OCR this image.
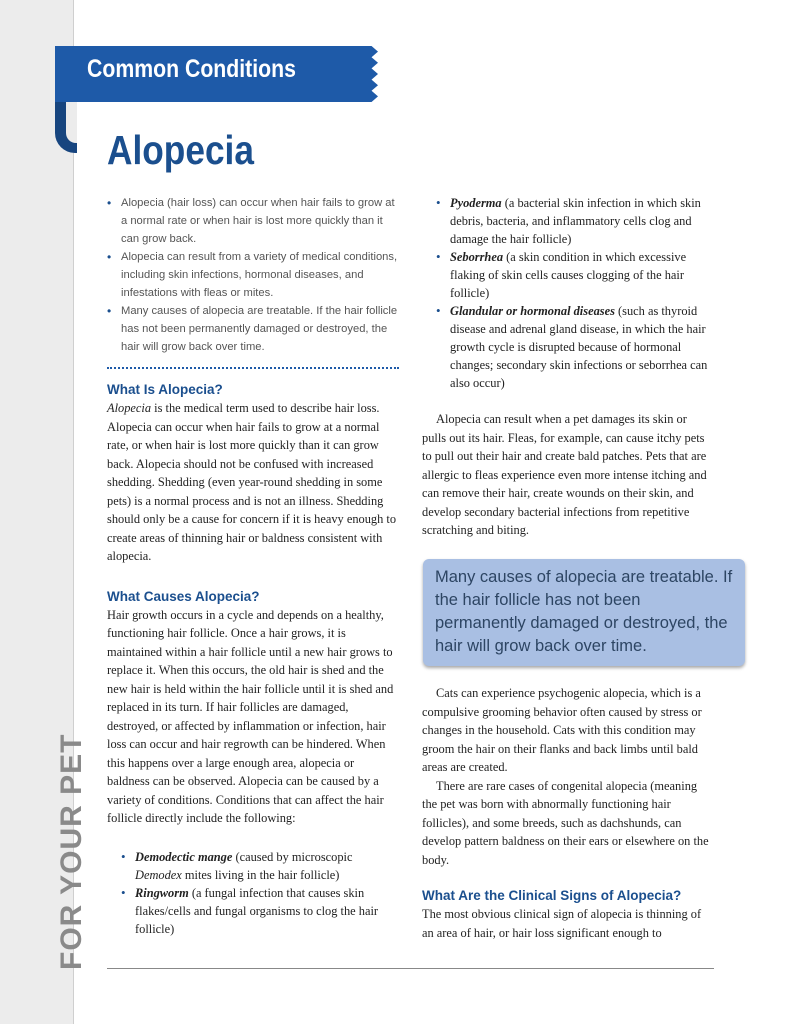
FOR YOUR PET
Common Conditions
Alopecia
• Alopecia (hair loss) can occur when hair fails to grow at a normal rate or when hair is lost more quickly than it can grow back.
• Alopecia can result from a variety of medical conditions, including skin infections, hormonal diseases, and infestations with fleas or mites.
• Many causes of alopecia are treatable. If the hair follicle has not been permanently damaged or destroyed, the hair will grow back over time.
What Is Alopecia?

Alopecia is the medical term used to describe hair loss. Alopecia can occur when hair fails to grow at a normal rate, or when hair is lost more quickly than it can grow back. Alopecia should not be confused with increased shedding. Shedding (even year-round shedding in some pets) is a normal process and is not an illness. Shedding should only be a cause for concern if it is heavy enough to create areas of thinning hair or baldness consistent with alopecia.

What Causes Alopecia?

Hair growth occurs in a cycle and depends on a healthy, functioning hair follicle. Once a hair grows, it is maintained within a hair follicle until a new hair grows to replace it. When this occurs, the old hair is shed and the new hair is held within the hair follicle until it is shed and replaced in its turn. If hair follicles are damaged, destroyed, or affected by inflammation or infection, hair loss can occur and hair regrowth can be hindered. When this happens over a large enough area, alopecia or baldness can be observed. Alopecia can be caused by a variety of conditions. Conditions that can affect the hair follicle directly include the following:

• Demodectic mange (caused by microscopic Demodex mites living in the hair follicle)
• Ringworm (a fungal infection that causes skin flakes/cells and fungal organisms to clog the hair follicle)
• Pyoderma (a bacterial skin infection in which skin debris, bacteria, and inflammatory cells clog and damage the hair follicle)
• Seborrhea (a skin condition in which excessive flaking of skin cells causes clogging of the hair follicle)
• Glandular or hormonal diseases (such as thyroid disease and adrenal gland disease, in which the hair growth cycle is disrupted because of hormonal changes; secondary skin infections or seborrhea can also occur)

Alopecia can result when a pet damages its skin or pulls out its hair. Fleas, for example, can cause itchy pets to pull out their hair and create bald patches. Pets that are allergic to fleas experience even more intense itching and can remove their hair, create wounds on their skin, and develop secondary bacterial infections from repetitive scratching and biting.

Many causes of alopecia are treatable. If the hair follicle has not been permanently damaged or destroyed, the hair will grow back over time.

Cats can experience psychogenic alopecia, which is a compulsive grooming behavior often caused by stress or changes in the household. Cats with this condition may groom the hair on their flanks and back limbs until bald areas are created.

There are rare cases of congenital alopecia (meaning the pet was born with abnormally functioning hair follicles), and some breeds, such as dachshunds, can develop pattern baldness on their ears or elsewhere on the body.

What Are the Clinical Signs of Alopecia?

The most obvious clinical sign of alopecia is thinning of an area of hair, or hair loss significant enough to
